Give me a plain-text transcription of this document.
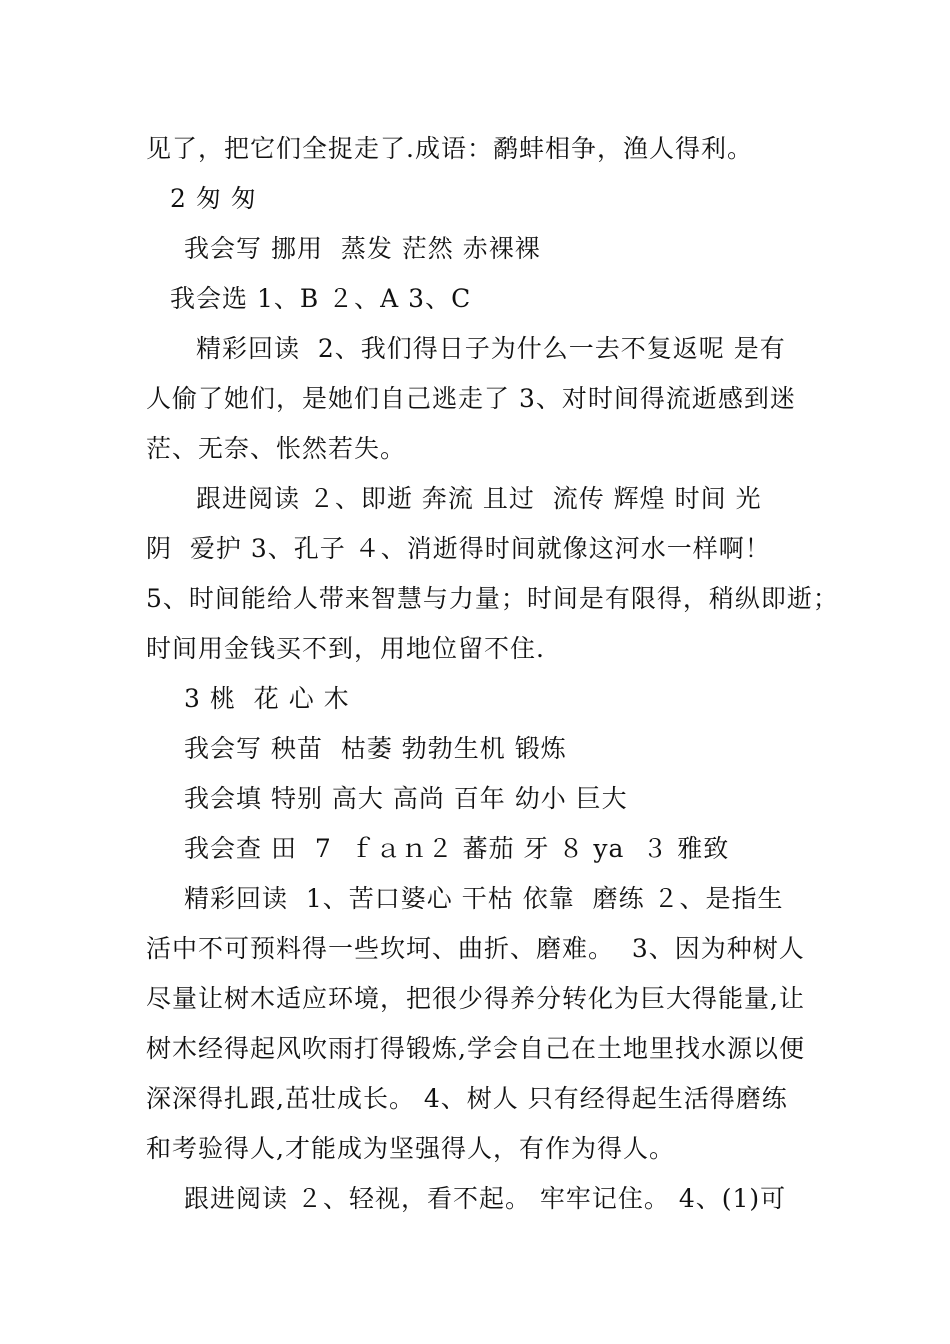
见了，把它们全捉走了.成语：鹬蚌相争，渔人得利。
2 匆 匆
我会写 挪用  蒸发 茫然 赤裸裸
我会选 1、B ２、A 3、C
精彩回读  2、我们得日子为什么一去不复返呢 是有
人偷了她们，是她们自己逃走了 3、对时间得流逝感到迷
茫、无奈、怅然若失。
跟进阅读 ２、即逝 奔流 且过  流传 辉煌 时间 光
阴  爱护 3、孔子 ４、消逝得时间就像这河水一样啊！
5、时间能给人带来智慧与力量；时间是有限得，稍纵即逝；
时间用金钱买不到，用地位留不住.
3 桃  花 心 木
我会写 秧苗  枯萎 勃勃生机 锻炼
我会填 特别 高大 高尚 百年 幼小 巨大
我会查 田  7  ｆａｎ２ 蕃茄 牙 ８ ya  ３ 雅致
精彩回读  1、苦口婆心 干枯 依靠  磨练 ２、是指生
活中不可预料得一些坎坷、曲折、磨难。  3、因为种树人
尽量让树木适应环境，把很少得养分转化为巨大得能量,让
树木经得起风吹雨打得锻炼,学会自己在土地里找水源以便
深深得扎跟,茁壮成长。 4、树人 只有经得起生活得磨练
和考验得人,才能成为坚强得人，有作为得人。
跟进阅读 ２、轻视，看不起。 牢牢记住。 4、(1)可
